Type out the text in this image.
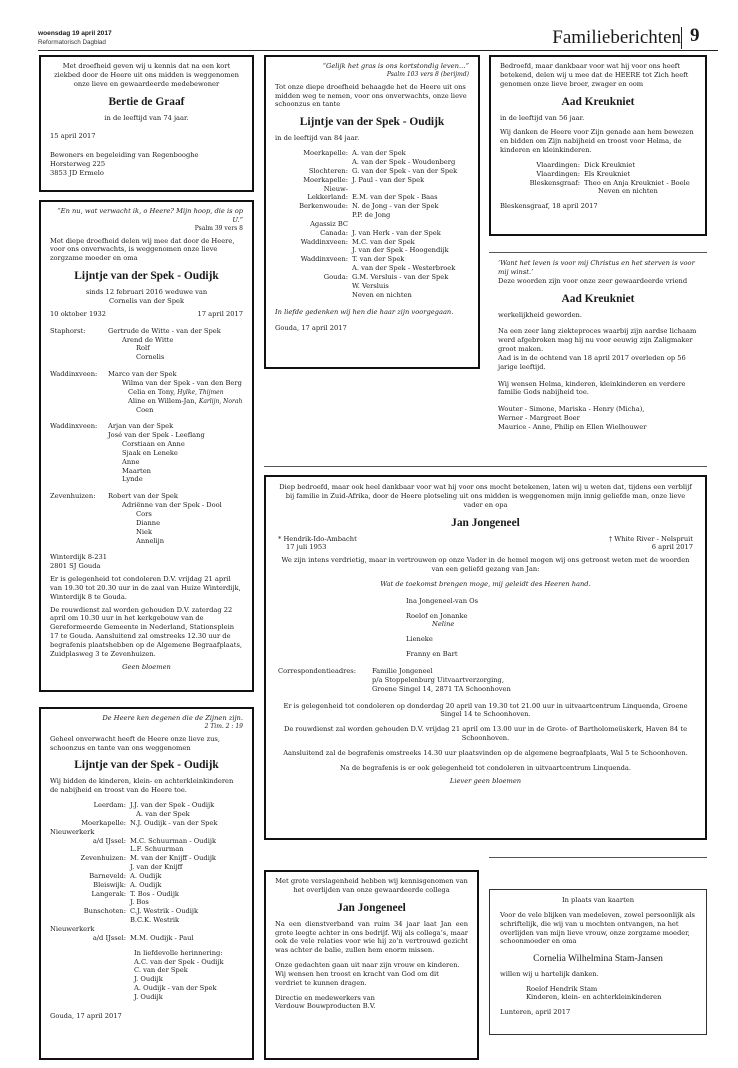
woensdag 19 april 2017
Reformatorisch Dagblad	Familieberichten 9
Met droefheid geven wij u kennis dat na een kort ziekbed door de Heere uit ons midden is weggenomen onze lieve en gewaardeerde medebewoner
Bertie de Graaf
in de leeftijd van 74 jaar.
15 april 2017
Bewoners en begeleiding van Regenbooghe
Horsterweg 225
3853 JD Ermelo
“En nu, wat verwacht ik, o Heere? Mijn hoop, die is op U.”
Psalm 39 vers 8
Met diepe droefheid delen wij mee dat door de Heere, voor ons onverwachts, is weggenomen onze lieve zorgzame moeder en oma
Lijntje van der Spek - Oudijk
sinds 12 februari 2016 weduwe van
Cornelis van der Spek
10 oktober 1932	17 april 2017
Staphorst:	Gertrude de Witte - van der Spek
Arend de Witte
Rolf
Cornelis
Waddinxveen:	Marco van der Spek
Wilma van der Spek - van den Berg
Celia en Tony, Hylke, Thijmen
Aline en Willem-Jan, Karlijn, Norah
Coen
Waddinxveen:	Arjan van der Spek
José van der Spek - Leeflang
Corstiaan en Anne
Sjaak en Leneke
Anne
Maarten
Lynde
Zevenhuizen:	Robert van der Spek
Adriënne van der Spek - Dool
Cors
Dianne
Niek
Annelijn
Winterdijk 8-231
2801 SJ Gouda
Er is gelegenheid tot condoleren D.V. vrijdag 21 april van 19.30 tot 20.30 uur in de zaal van Huize Winterdijk, Winterdijk 8 te Gouda.
De rouwdienst zal worden gehouden D.V. zaterdag 22 april om 10.30 uur in het kerkgebouw van de Gereformeerde Gemeente in Nederland, Stationsplein 17 te Gouda. Aansluitend zal omstreeks 12.30 uur de begrafenis plaatshebben op de Algemene Begraafplaats, Zuidplasweg 3 te Zevenhuizen.
Geen bloemen
De Heere ken degenen die de Zijnen zijn.
2 Tim. 2 : 19
Geheel onverwacht heeft de Heere onze lieve zus, schoonzus en tante van ons weggenomen
Lijntje van der Spek - Oudijk
Wij bidden de kinderen, klein- en achterkleinkinderen de nabijheid en troost van de Heere toe.
Leerdam: J.J. van der Spek - Oudijk
A. van der Spek
Moerkapelle: N.J. Oudijk - van der Spek
Nieuwerkerk
a/d IJssel: M.C. Schuurman - Oudijk
L.F. Schuurman
Zevenhuizen: M. van der Knijff - Oudijk
J. van der Knijff
Barneveld: A. Oudijk
Bleiswijk: A. Oudijk
Langerak: T. Bos - Oudijk
J. Bos
Bunschoten: C.J. Westrik - Oudijk
B.C.K. Westrik
Nieuwerkerk
a/d IJssel: M.M. Oudijk - Paul
In liefdevolle herinnering:
A.C. van der Spek - Oudijk
C. van der Spek
J. Oudijk
A. Oudijk - van der Spek
J. Oudijk
Gouda, 17 april 2017
“Gelijk het gras is ons kortstondig leven…”
Psalm 103 vers 8 (berijmd)
Tot onze diepe droefheid behaagde het de Heere uit ons midden weg te nemen, voor ons onverwachts, onze lieve schoonzus en tante
Lijntje van der Spek - Oudijk
in de leeftijd van 84 jaar.
Moerkapelle: A. van der Spek
A. van der Spek - Woudenberg
Slochteren: G. van der Spek - van der Spek
Moerkapelle: J. Paul - van der Spek
Nieuw-
Lekkerland: E.M. van der Spek - Baas
Berkenwoude: N. de Jong - van der Spek
P.P. de Jong
Agassiz BC
Canada: J. van Herk - van der Spek
Waddinxveen: M.C. van der Spek
J. van der Spek - Hoogendijk
Waddinxveen: T. van der Spek
A. van der Spek - Westerbroek
Gouda: G.M. Versluis - van der Spek
W. Versluis
Neven en nichten
In liefde gedenken wij hen die haar zijn voorgegaan.
Gouda, 17 april 2017
Bedroefd, maar dankbaar voor wat hij voor ons heeft betekend, delen wij u mee dat de HEERE tot Zich heeft genomen onze lieve broer, zwager en oom
Aad Kreukniet
in de leeftijd van 56 jaar.
Wij danken de Heere voor Zijn genade aan hem bewezen en bidden om Zijn nabijheid en troost voor Helma, de kinderen en kleinkinderen.
Vlaardingen: Dick Kreukniet
Vlaardingen: Els Kreukniet
Bleskensgraaf: Theo en Anja Kreukniet - Boele
Neven en nichten
Bleskensgraaf, 18 april 2017
‘Want het leven is voor mij Christus en het sterven is voor mij winst.’
Deze woorden zijn voor onze zeer gewaardeerde vriend
Aad Kreukniet
werkelijkheid geworden.
Na een zeer lang ziekteproces waarbij zijn aardse lichaam werd afgebroken mag hij nu voor eeuwig zijn Zaligmaker groot maken.
Aad is in de ochtend van 18 april 2017 overleden op 56 jarige leeftijd.
Wij wensen Helma, kinderen, kleinkinderen en verdere familie Gods nabijheid toe.
Wouter - Simone, Mariska - Henry (Micha),
Werner - Margreet Boer
Maurice - Anne, Philip en Ellen Wielhouwer
Diep bedroefd, maar ook heel dankbaar voor wat hij voor ons mocht betekenen, laten wij u weten dat, tijdens een verblijf bij familie in Zuid-Afrika, door de Heere plotseling uit ons midden is weggenomen mijn innig geliefde man, onze lieve vader en opa
Jan Jongeneel
* Hendrik-Ido-Ambacht	† White River - Nelspruit
17 juli 1953	6 april 2017
We zijn intens verdrietig, maar in vertrouwen op onze Vader in de hemel mogen wij ons getroost weten met de woorden van een geliefd gezang van Jan:
Wat de toekomst brengen moge, mij geleidt des Heeren hand.
Ina Jongeneel-van Os
Roelof en Jonanke
Neline
Lieneke
Franny en Bart
Correspondentieadres:	Familie Jongeneel
p/a Stoppelenburg Uitvaartverzorging,
Groene Singel 14, 2871 TA Schoonhoven
Er is gelegenheid tot condoleren op donderdag 20 april van 19.30 tot 21.00 uur in uitvaartcentrum Linquenda, Groene Singel 14 te Schoonhoven.
De rouwdienst zal worden gehouden D.V. vrijdag 21 april om 13.00 uur in de Grote- of Bartholomeüskerk, Haven 84 te Schoonhoven.
Aansluitend zal de begrafenis omstreeks 14.30 uur plaatsvinden op de algemene begraafplaats, Wal 5 te Schoonhoven.
Na de begrafenis is er ook gelegenheid tot condoleren in uitvaartcentrum Linquenda.
Liever geen bloemen
Met grote verslagenheid hebben wij kennisgenomen van het overlijden van onze gewaardeerde collega
Jan Jongeneel
Na een dienstverband van ruim 34 jaar laat Jan een grote leegte achter in ons bedrijf. Wij als collega’s, maar ook de vele relaties voor wie hij zo’n vertrouwd gezicht was achter de balie, zullen hem enorm missen.
Onze gedachten gaan uit naar zijn vrouw en kinderen. Wij wensen hen troost en kracht van God om dit verdriet te kunnen dragen.
Directie en medewerkers van
Verdouw Bouwproducten B.V.
In plaats van kaarten
Voor de vele blijken van medeleven, zowel persoonlijk als schriftelijk, die wij van u mochten ontvangen, na het overlijden van mijn lieve vrouw, onze zorgzame moeder, schoonmoeder en oma
Cornelia Wilhelmina Stam-Jansen
willen wij u hartelijk danken.
Roelof Hendrik Stam
Kinderen, klein- en achterkleinkinderen
Lunteren, april 2017
